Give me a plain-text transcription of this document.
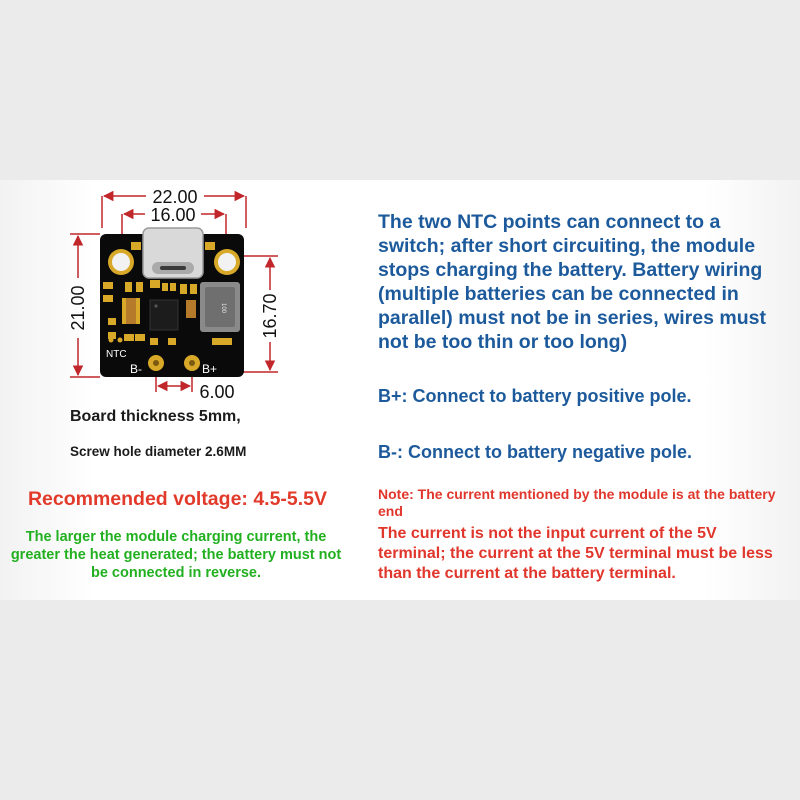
22.00
16.00
21.00	16.70
6.00
100
NTC
B-	B+

Board thickness 5mm,

Screw hole diameter 2.6MM

The two NTC points can connect to a switch; after short circuiting, the module stops charging the battery. Battery wiring (multiple batteries can be connected in parallel) must not be in series, wires must not be too thin or too long)

B+: Connect to battery positive pole.

B-: Connect to battery negative pole.

Recommended voltage: 4.5-5.5V

The larger the module charging current, the greater the heat generated; the battery must not be connected in reverse.

Note: The current mentioned by the module is at the battery end

The current is not the input current of the 5V terminal; the current at the 5V terminal must be less than the current at the battery terminal.
